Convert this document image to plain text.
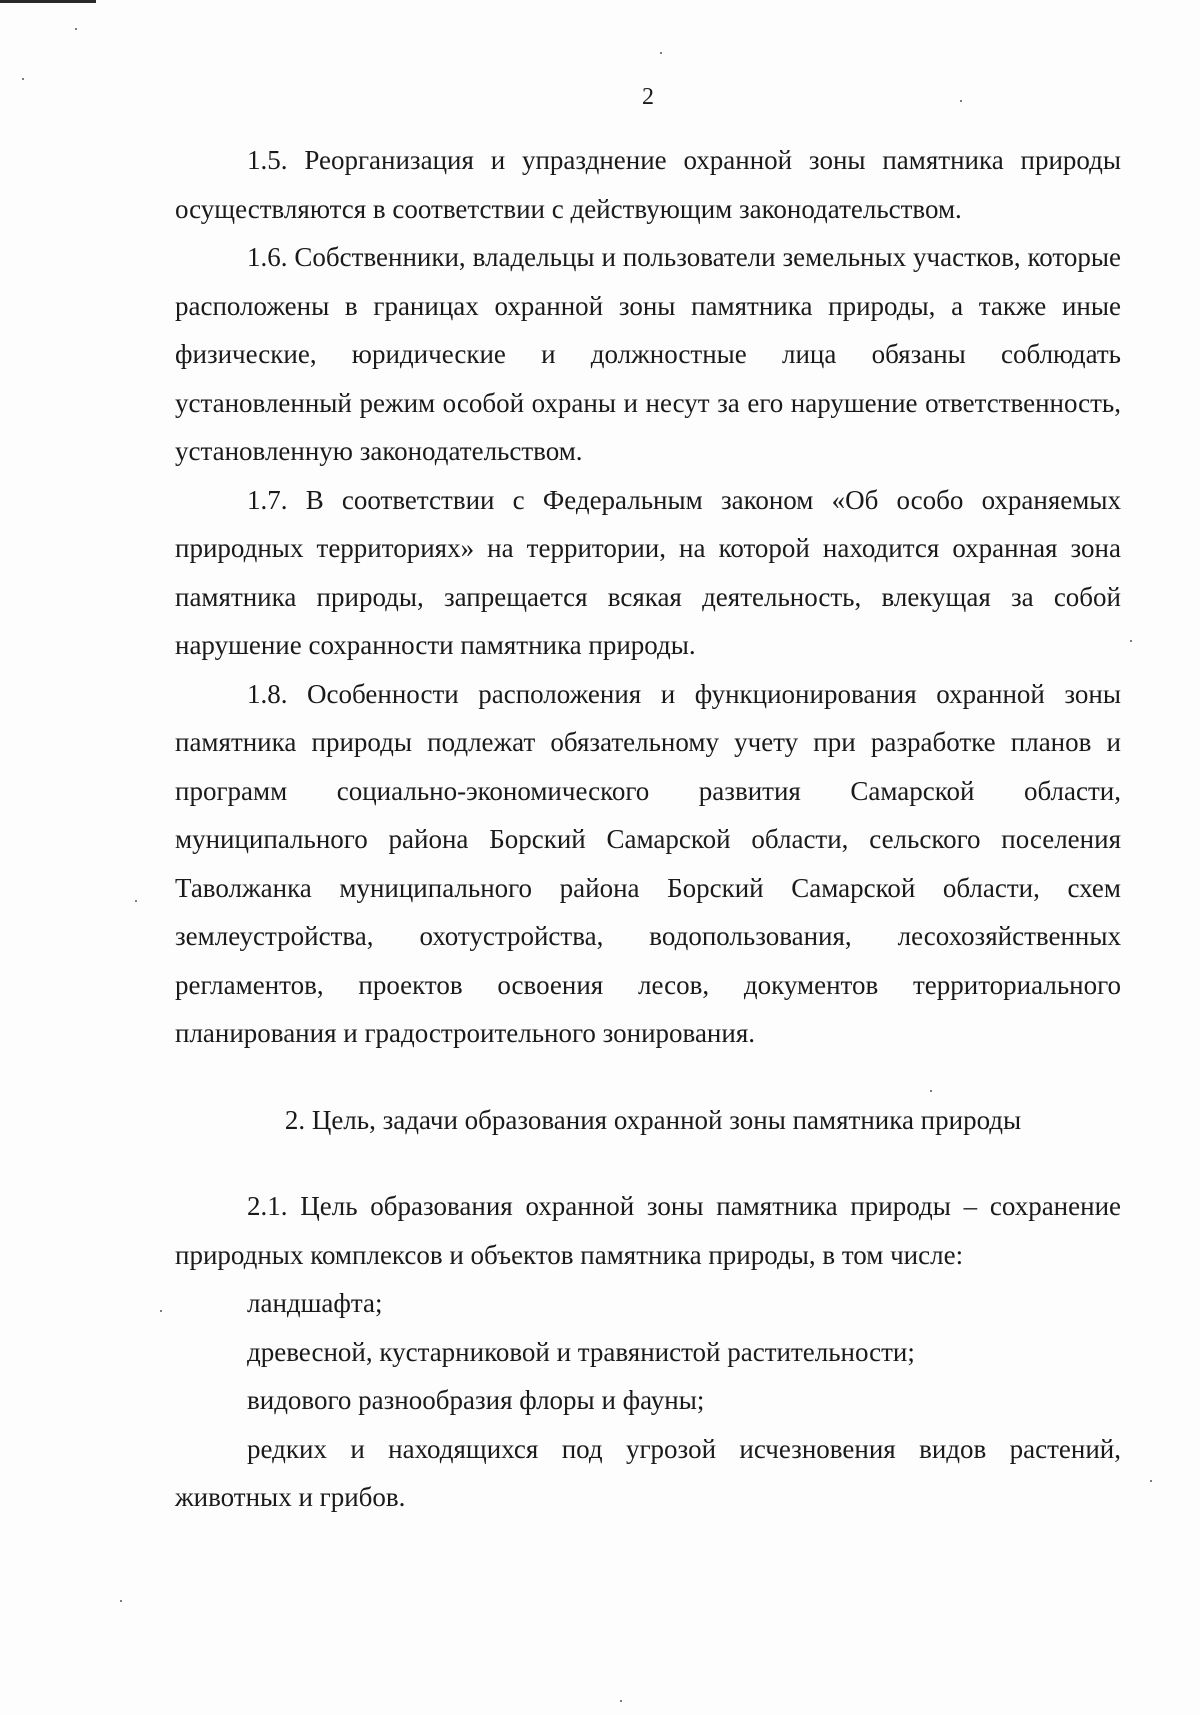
2

1.5. Реорганизация и упразднение охранной зоны памятника природы осуществляются в соответствии с действующим законодательством.

1.6. Собственники, владельцы и пользователи земельных участков, которые расположены в границах охранной зоны памятника природы, а также иные физические, юридические и должностные лица обязаны соблюдать установленный режим особой охраны и несут за его нарушение ответственность, установленную законодательством.

1.7. В соответствии с Федеральным законом «Об особо охраняемых природных территориях» на территории, на которой находится охранная зона памятника природы, запрещается всякая деятельность, влекущая за собой нарушение сохранности памятника природы.

1.8. Особенности расположения и функционирования охранной зоны памятника природы подлежат обязательному учету при разработке планов и программ социально-экономического развития Самарской области, муниципального района Борский Самарской области, сельского поселения Таволжанка муниципального района Борский Самарской области, схем землеустройства, охотустройства, водопользования, лесохозяйственных регламентов, проектов освоения лесов, документов территориального планирования и градостроительного зонирования.

2. Цель, задачи образования охранной зоны памятника природы

2.1. Цель образования охранной зоны памятника природы – сохранение природных комплексов и объектов памятника природы, в том числе:

ландшафта;

древесной, кустарниковой и травянистой растительности;

видового разнообразия флоры и фауны;

редких и находящихся под угрозой исчезновения видов растений, животных и грибов.
